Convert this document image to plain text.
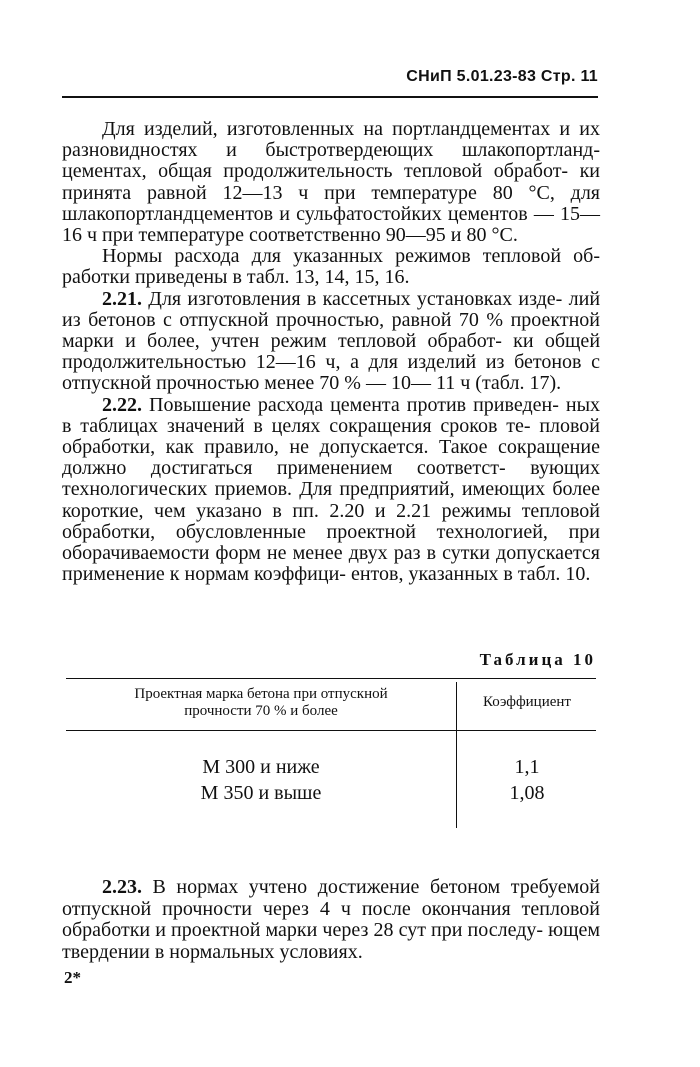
СНиП 5.01.23-83 Стр. 11

Для изделий, изготовленных на портландцементах и их разновидностях и быстротвердеющих шлакопортланд- цементах, общая продолжительность тепловой обработ- ки принята равной 12—13 ч при температуре 80 °С, для шлакопортландцементов и сульфатостойких цементов — 15—16 ч при температуре соответственно 90—95 и 80 °С.

Нормы расхода для указанных режимов тепловой об- работки приведены в табл. 13, 14, 15, 16.

2.21. Для изготовления в кассетных установках изде- лий из бетонов с отпускной прочностью, равной 70 % проектной марки и более, учтен режим тепловой обработ- ки общей продолжительностью 12—16 ч, а для изделий из бетонов с отпускной прочностью менее 70 % — 10— 11 ч (табл. 17).

2.22. Повышение расхода цемента против приведен- ных в таблицах значений в целях сокращения сроков те- пловой обработки, как правило, не допускается. Такое сокращение должно достигаться применением соответст- вующих технологических приемов. Для предприятий, имеющих более короткие, чем указано в пп. 2.20 и 2.21 режимы тепловой обработки, обусловленные проектной технологией, при оборачиваемости форм не менее двух раз в сутки допускается применение к нормам коэффици- ентов, указанных в табл. 10.

Таблица 10
Проектная марка бетона при отпускной
прочности 70 % и более
Коэффициент
М 300 и ниже	1,1
М 350 и выше	1,08

2.23. В нормах учтено достижение бетоном требуемой отпускной прочности через 4 ч после окончания тепловой обработки и проектной марки через 28 сут при последу- ющем твердении в нормальных условиях.

2*
